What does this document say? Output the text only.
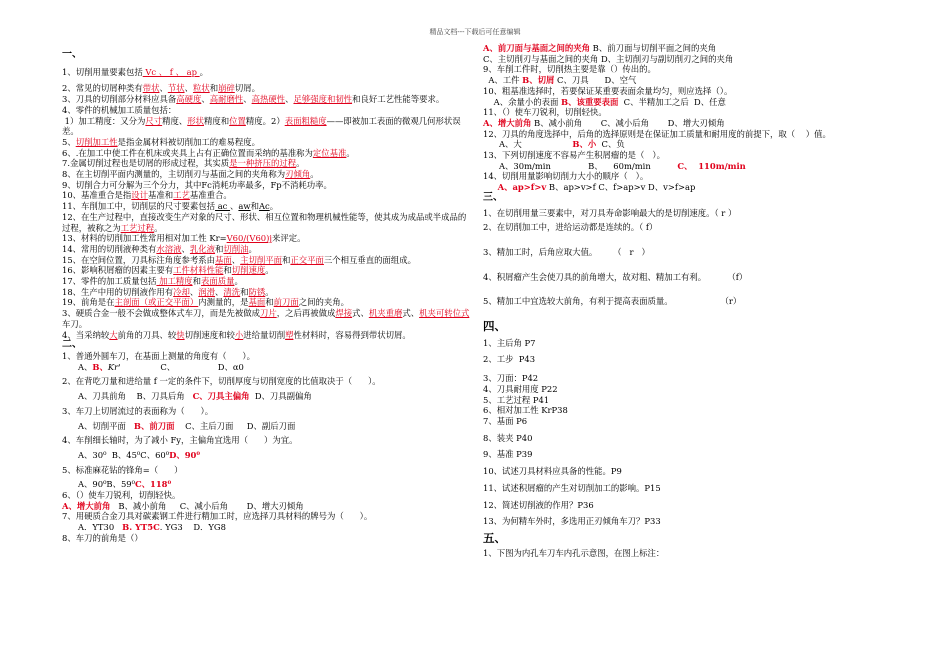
精品文档---下载后可任意编辑

一、

1、切削用量要素包括 Vc 、 f 、 ap 。

2、常见的切屑种类有带状、节状、粒状和崩碎切屑。

3、刀具的切削部分材料应具备高硬度、高耐磨性、高热硬性、足够强度和韧性和良好工艺性能等要求。

4、零件的机械加工质量包括：

1）加工精度：又分为尺寸精度、形状精度和位置精度。2）表面粗糙度——即被加工表面的微观几何形状误差。

5、切削加工性是指金属材料被切削加工的难易程度。

6、.在加工中使工件在机床或夹具上占有正确位置而采纳的基准称为定位基准。

7.金属切削过程也是切屑的形成过程，其实质是一种挤压的过程。

8、在主切削平面内测量的，主切削刃与基面之间的夹角称为刃倾角。

9、切削合力可分解为三个分力，其中Fc消耗功率最多，Fp不消耗功率。

10、基准重合是指设计基准和工艺基准重合。

11、车削加工中，切削层的尺寸要素包括 ac 、aw和Ac。

12、在生产过程中，直接改变生产对象的尺寸、形状、相互位置和物理机械性能等，使其成为成品或半成品的过程，被称之为工艺过程。

13、材料的切削加工性常用相对加工性 Kr=V60/(V60)j来评定。

14、常用的切削液种类有水溶液、乳化液和切削油。

15、在空间位置，刀具标注角度参考系由基面、主切削平面和正交平面三个相互垂直的面组成。

16、影响积屑瘤的因素主要有工件材料性能和切削速度。

17、零件的加工质量包括 加工精度和表面质量。

18、生产中用的切削液作用有冷却、润滑、清洗和防锈。

19、前角是在主剖面（或正交平面）内测量的，是基面和前刀面之间的夹角。

3、硬质合金一般不会做成整体式车刀，而是先被做成刀片，之后再被做成焊接式、机夹重磨式、机夹可转位式车刀。

4、当采纳较大前角的刀具、较快切削速度和较小进给量切削塑性材料时，容易得到带状切屑。

二、

1、普通外圆车刀，在基面上测量的角度有（      ）。

A、B、Kr'               C、                D、α0

2、在背吃刀量和进给量 f 一定的条件下，切削厚度与切削宽度的比值取决于（      ）。

A、刀具前角    B、刀具后角   C、刀具主偏角  D、刀具副偏角

3、车刀上切屑流过的表面称为（      ）。

A、切削平面   B、前刀面    C、主后刀面     D、副后刀面

4、车削细长轴时，为了减小 Fy，主偏角宜选用（      ）为宜。

A、30⁰  B、45⁰C、60⁰D、90⁰

5、标准麻花钻的锋角=（      ）

A、90⁰B、59⁰C、118⁰

6、（）使车刀锐利，切削轻快。

A、增大前角   B、减小前角     C、减小后角       D、增大刃倾角

7、用硬质合金刀具对碳素钢工件进行精加工时，应选择刀具材料的牌号为（      ）。

A．YT30   B. YT5C. YG3    D．YG8

8、车刀的前角是（）

A、前刀面与基面之间的夹角 B、前刀面与切削平面之间的夹角

C、主切削刃与基面之间的夹角 D、主切削刃与副切削刃之间的夹角

9、车削工件时，切削热主要是靠（）传出的。

A、工件 B、切屑 C、刀具      D、空气

10、粗基准选择时，若要保证某重要表面余量均匀，则应选择（）。

A、余量小的表面 B、该重要表面  C、半精加工之后  D、任意

11、（）使车刀锐利，切削轻快。

A、增大前角 B、减小前角       C、减小后角       D、增大刃倾角

12、刀具的角度选择中，后角的选择原则是在保证加工质量和耐用度的前提下，取（    ）值。

A、大                   B、小  C、负

13、下列切削速度不容易产生积屑瘤的是（   ）。

A、30m/min              B、    60m/min          C、  110m/min

14、切削用量影响切削力大小的顺序（   ）。

A、ap>f>v B、ap>v>f C、f>ap>v D、v>f>ap

三、

1、在切削用量三要素中，对刀具寿命影响最大的是切削速度。（ r ）

2、在切削加工中，进给运动都是连续的。（ f）

3、精加工时，后角应取大值。      （   r   ）

4、积屑瘤产生会使刀具的前角增大，故对粗、精加工有利。        （f）

5、精加工中宜选较大前角，有利于提高表面质量。                  （r）

四、

1、主后角 P7

2、工步  P43

3、刀面：P42

4、刀具耐用度 P22

5、工艺过程 P41

6、相对加工性 KrP38

7、基面 P6

8、装夹 P40

9、基准 P39

10、试述刀具材料应具备的性能。P9

11、试述积屑瘤的产生对切削加工的影响。P15

12、简述切削液的作用？P36

13、为何精车外时，多选用正刃倾角车刀？P33

五、

1、下图为内孔车刀车内孔示意图，在图上标注：
